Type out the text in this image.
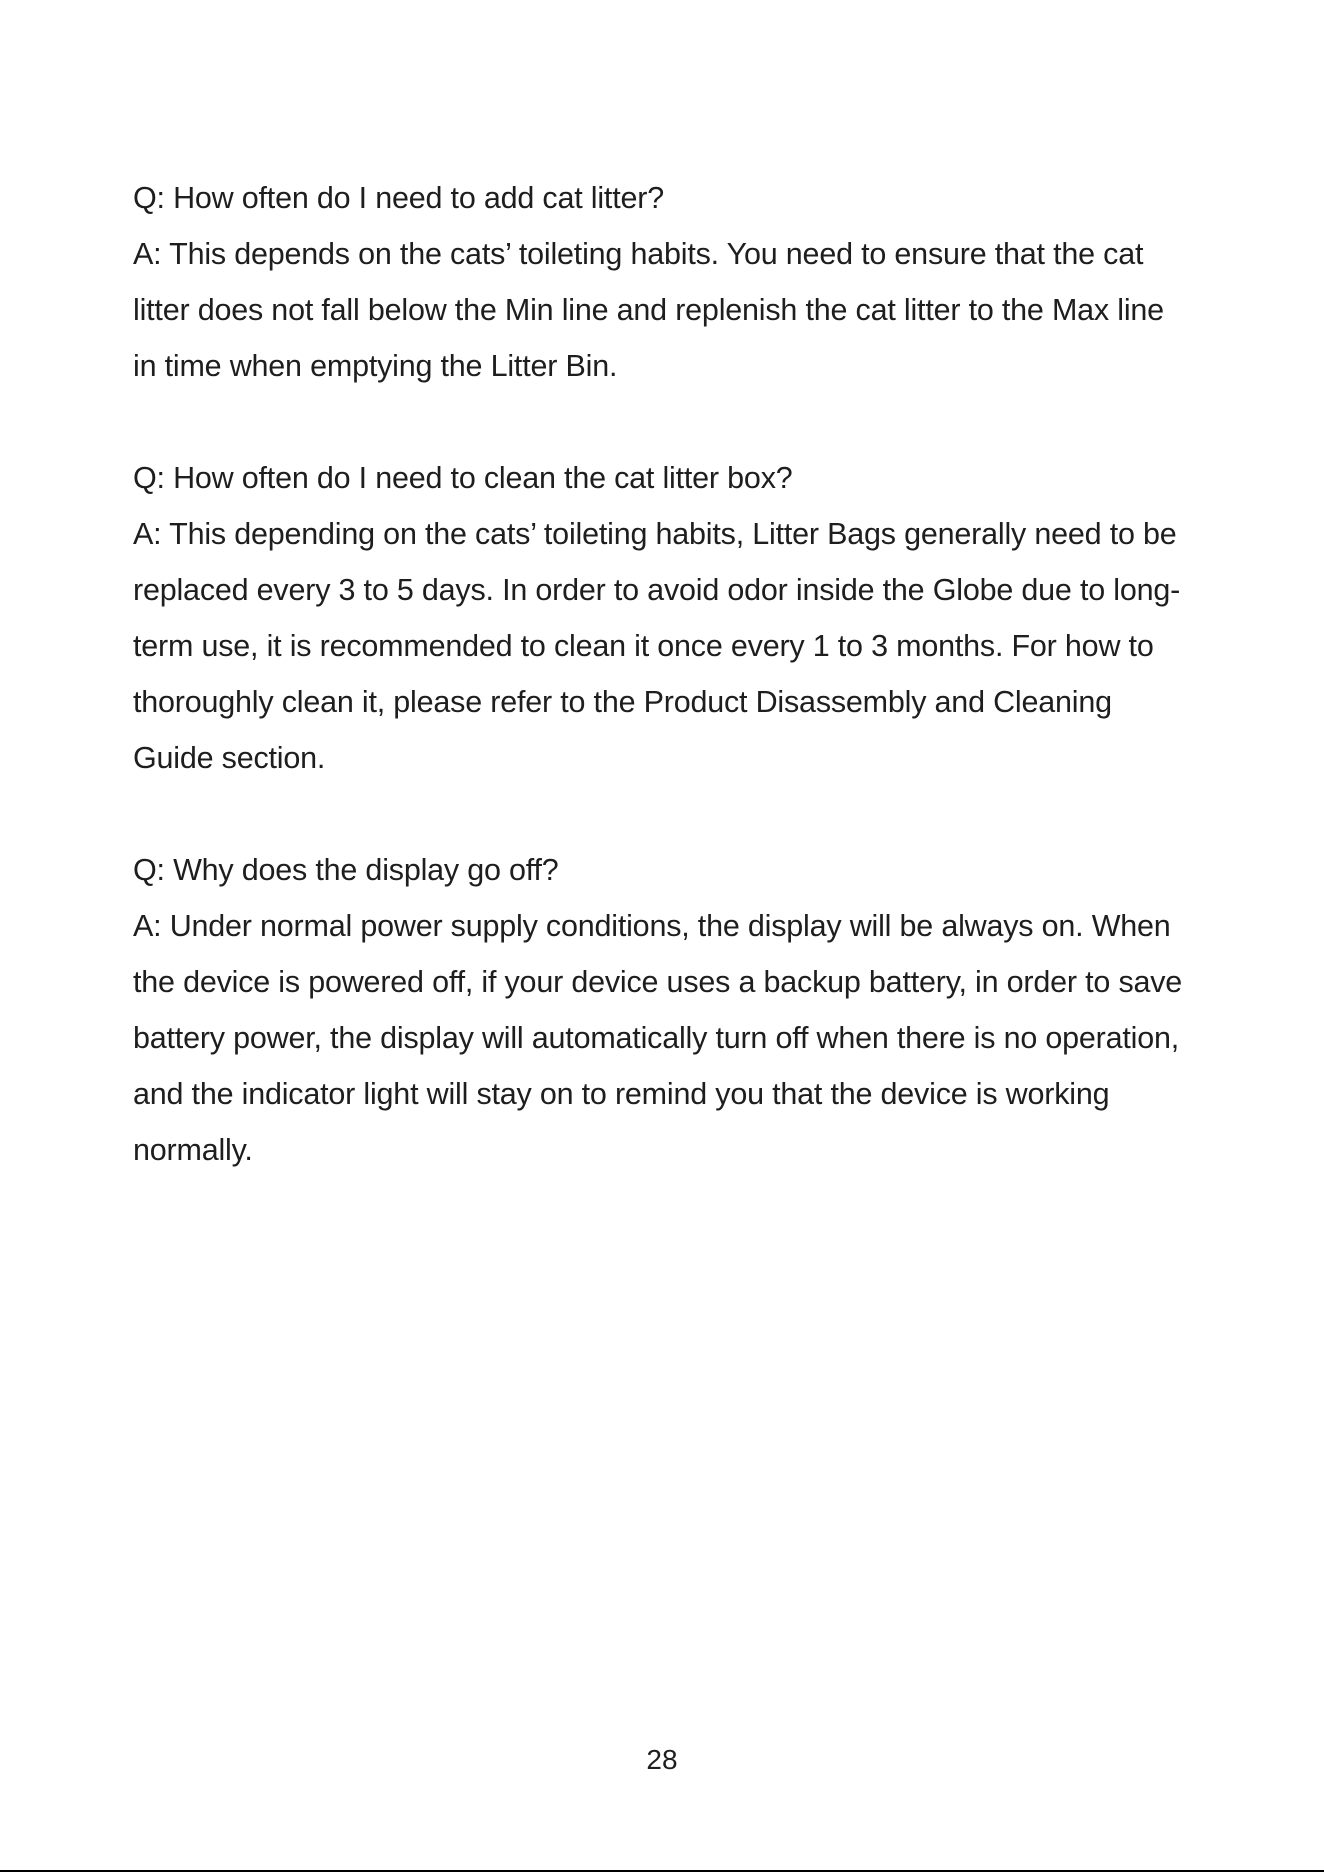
Q: How often do I need to add cat litter?

A: This depends on the cats’ toileting habits. You need to ensure that the cat litter does not fall below the Min line and replenish the cat litter to the Max line in time when emptying the Litter Bin.

Q: How often do I need to clean the cat litter box?

A: This depending on the cats’ toileting habits, Litter Bags generally need to be replaced every 3 to 5 days. In order to avoid odor inside the Globe due to long-term use, it is recommended to clean it once every 1 to 3 months. For how to thoroughly clean it, please refer to the Product Disassembly and Cleaning Guide section.

Q: Why does the display go off?

A: Under normal power supply conditions, the display will be always on. When the device is powered off, if your device uses a backup battery, in order to save battery power, the display will automatically turn off when there is no operation, and the indicator light will stay on to remind you that the device is working normally.

28
